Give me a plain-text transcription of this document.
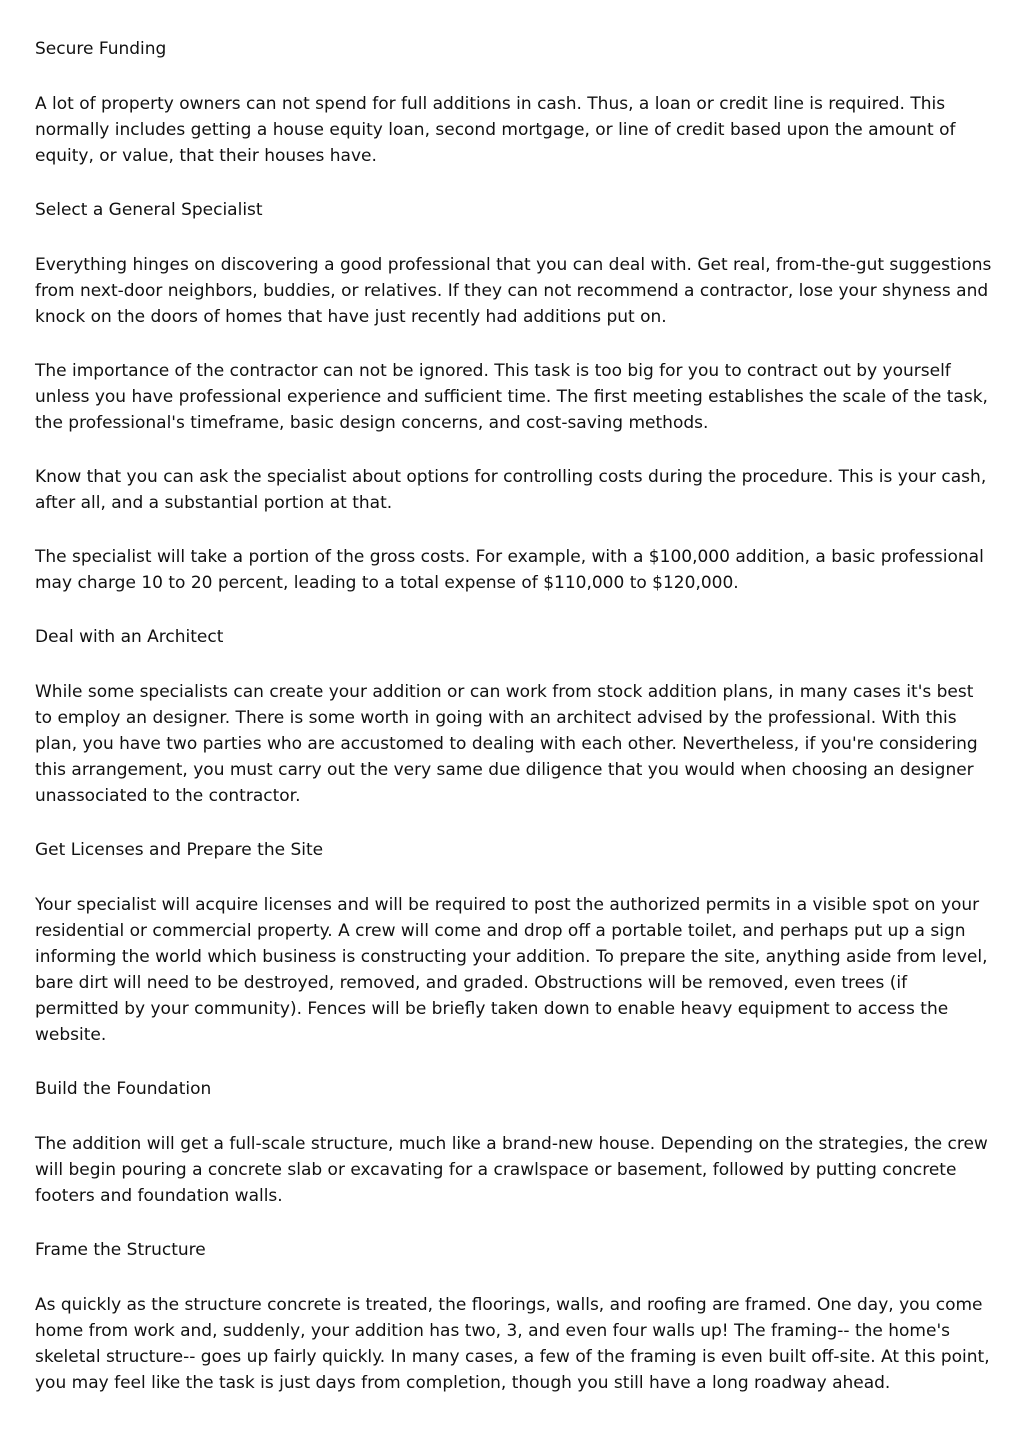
Secure Funding

A lot of property owners can not spend for full additions in cash. Thus, a loan or credit line is required. This normally includes getting a house equity loan, second mortgage, or line of credit based upon the amount of equity, or value, that their houses have.

Select a General Specialist

Everything hinges on discovering a good professional that you can deal with. Get real, from-the-gut suggestions from next-door neighbors, buddies, or relatives. If they can not recommend a contractor, lose your shyness and knock on the doors of homes that have just recently had additions put on.

The importance of the contractor can not be ignored. This task is too big for you to contract out by yourself unless you have professional experience and sufficient time. The first meeting establishes the scale of the task, the professional's timeframe, basic design concerns, and cost-saving methods.

Know that you can ask the specialist about options for controlling costs during the procedure. This is your cash, after all, and a substantial portion at that.

The specialist will take a portion of the gross costs. For example, with a $100,000 addition, a basic professional may charge 10 to 20 percent, leading to a total expense of $110,000 to $120,000.

Deal with an Architect

While some specialists can create your addition or can work from stock addition plans, in many cases it's best to employ an designer. There is some worth in going with an architect advised by the professional. With this plan, you have two parties who are accustomed to dealing with each other. Nevertheless, if you're considering this arrangement, you must carry out the very same due diligence that you would when choosing an designer unassociated to the contractor.

Get Licenses and Prepare the Site

Your specialist will acquire licenses and will be required to post the authorized permits in a visible spot on your residential or commercial property. A crew will come and drop off a portable toilet, and perhaps put up a sign informing the world which business is constructing your addition. To prepare the site, anything aside from level, bare dirt will need to be destroyed, removed, and graded. Obstructions will be removed, even trees (if permitted by your community). Fences will be briefly taken down to enable heavy equipment to access the website.

Build the Foundation

The addition will get a full-scale structure, much like a brand-new house. Depending on the strategies, the crew will begin pouring a concrete slab or excavating for a crawlspace or basement, followed by putting concrete footers and foundation walls.

Frame the Structure

As quickly as the structure concrete is treated, the floorings, walls, and roofing are framed. One day, you come home from work and, suddenly, your addition has two, 3, and even four walls up! The framing-- the home's skeletal structure-- goes up fairly quickly. In many cases, a few of the framing is even built off-site. At this point, you may feel like the task is just days from completion, though you still have a long roadway ahead.
